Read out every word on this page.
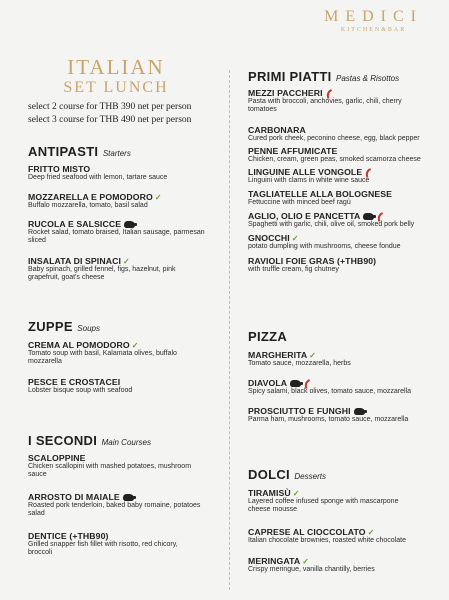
MEDICI
KITCHEN&BAR
ITALIAN
SET LUNCH
select 2 course for THB 390 net per person
select 3 course for THB 490 net per person
ANTIPASTI Starters
FRITTO MISTO
Deep fried seafood with lemon, tartare sauce
MOZZARELLA E POMODORO ✓
Buffalo mozzarella, tomato, basil salad
RUCOLA E SALSICCE
Rocket salad, tomato braised, Italian sausage, parmesan sliced
INSALATA DI SPINACI ✓
Baby spinach, grilled fennel, figs, hazelnut, pink grapefruit, goat's cheese
ZUPPE Soups
CREMA AL POMODORO ✓
Tomato soup with basil, Kalamata olives, buffalo mozzarella
PESCE E CROSTACEI
Lobster bisque soup with seafood
I SECONDI Main Courses
SCALOPPINE
Chicken scallopini with mashed potatoes, mushroom sauce
ARROSTO DI MAIALE
Roasted pork tenderloin, baked baby romaine, potatoes salad
DENTICE (+THB90)
Grilled snapper fish fillet with risotto, red chicory, broccoli
PRIMI PIATTI Pastas & Risottos
MEZZI PACCHERI
Pasta with broccoli, anchovies, garlic, chili, cherry tomatoes
CARBONARA
Cured pork cheek, peconino cheese, egg, black pepper
PENNE AFFUMICATE
Chicken, cream, green peas, smoked scamorza cheese
LINGUINE ALLE VONGOLE
Linguini with clams in white wine sauce
TAGLIATELLE ALLA BOLOGNESE
Fettuccine with minced beef ragù
AGLIO, OLIO E PANCETTA
Spaghetti with garlic, chili, olive oil, smoked pork belly
GNOCCHI ✓
potato dumpling with mushrooms, cheese fondue
RAVIOLI FOIE GRAS (+THB90)
with truffle cream, fig chutney
PIZZA
MARGHERITA ✓
Tomato sauce, mozzarella, herbs
DIAVOLA
Spicy salami, black olives, tomato sauce, mozzarella
PROSCIUTTO E FUNGHI
Parma ham, mushrooms, tomato sauce, mozzarella
DOLCI Desserts
TIRAMISÙ ✓
Layered coffee infused sponge with mascarpone cheese mousse
CAPRESE AL CIOCCOLATO ✓
Italian chocolate brownies, roasted white chocolate
MERINGATA ✓
Crispy meringue, vanilla chantilly, berries
